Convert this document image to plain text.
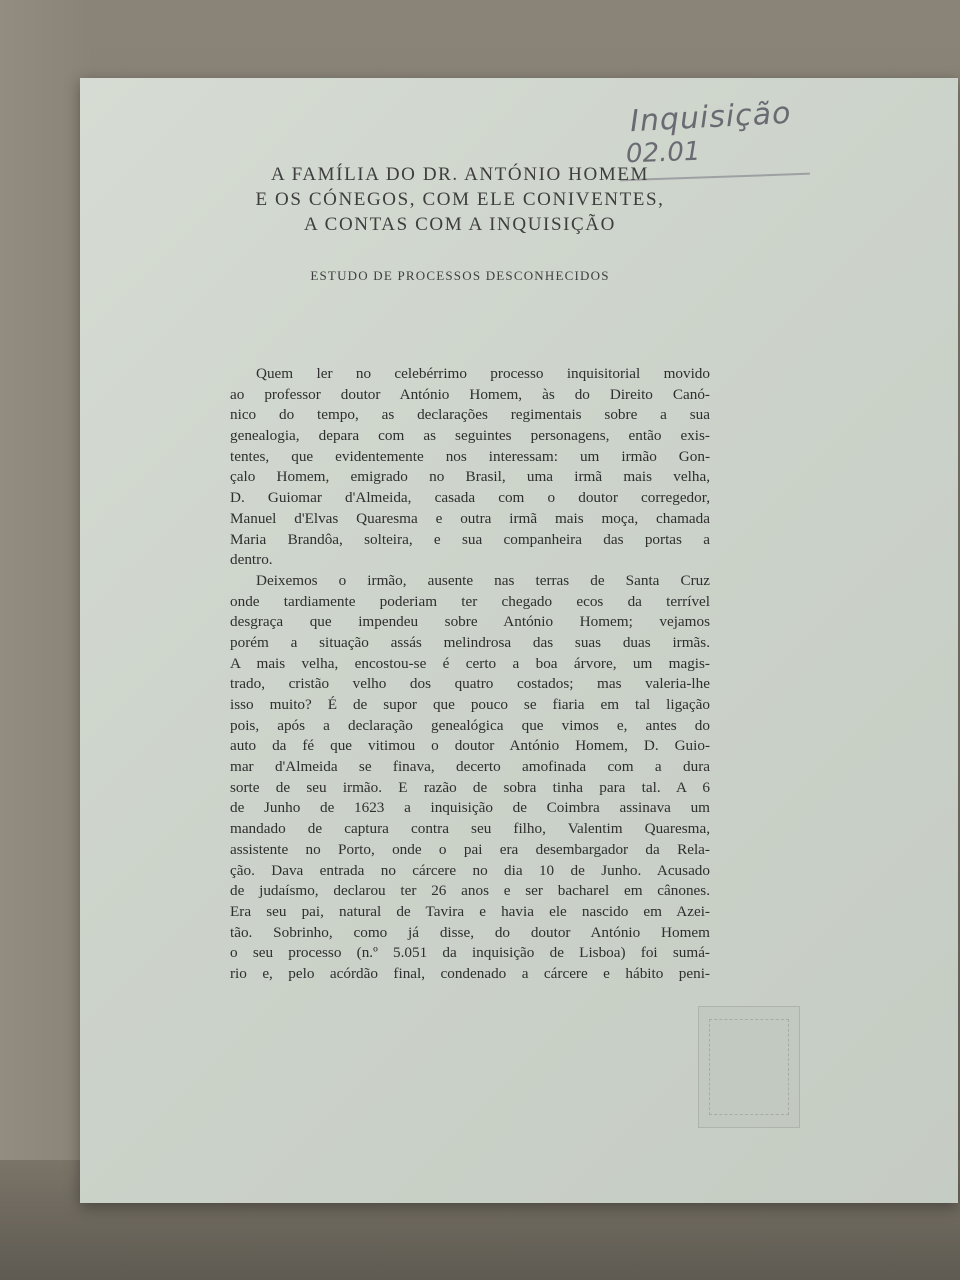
Inquisição
02.01
A FAMÍLIA DO DR. ANTÓNIO HOMEM
E OS CÓNEGOS, COM ELE CONIVENTES,
A CONTAS COM A INQUISIÇÃO
ESTUDO DE PROCESSOS DESCONHECIDOS
Quem ler no celebérrimo processo inquisitorial movido
ao professor doutor António Homem, às do Direito Canó-
nico do tempo, as declarações regimentais sobre a sua
genealogia, depara com as seguintes personagens, então exis-
tentes, que evidentemente nos interessam: um irmão Gon-
çalo Homem, emigrado no Brasil, uma irmã mais velha,
D. Guiomar d'Almeida, casada com o doutor corregedor,
Manuel d'Elvas Quaresma e outra irmã mais moça, chamada
Maria Brandôa, solteira, e sua companheira das portas a
dentro.
Deixemos o irmão, ausente nas terras de Santa Cruz
onde tardiamente poderiam ter chegado ecos da terrível
desgraça que impendeu sobre António Homem; vejamos
porém a situação assás melindrosa das suas duas irmãs.
A mais velha, encostou-se é certo a boa árvore, um magis-
trado, cristão velho dos quatro costados; mas valeria-lhe
isso muito? É de supor que pouco se fiaria em tal ligação
pois, após a declaração genealógica que vimos e, antes do
auto da fé que vitimou o doutor António Homem, D. Guio-
mar d'Almeida se finava, decerto amofinada com a dura
sorte de seu irmão. E razão de sobra tinha para tal. A 6
de Junho de 1623 a inquisição de Coimbra assinava um
mandado de captura contra seu filho, Valentim Quaresma,
assistente no Porto, onde o pai era desembargador da Rela-
ção. Dava entrada no cárcere no dia 10 de Junho. Acusado
de judaísmo, declarou ter 26 anos e ser bacharel em cânones.
Era seu pai, natural de Tavira e havia ele nascido em Azei-
tão. Sobrinho, como já disse, do doutor António Homem
o seu processo (n.º 5.051 da inquisição de Lisboa) foi sumá-
rio e, pelo acórdão final, condenado a cárcere e hábito peni-
